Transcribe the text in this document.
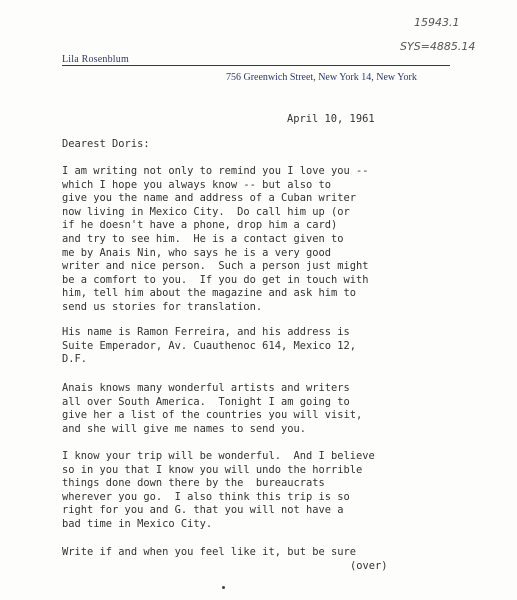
15943.1
SYS=4885.14
Lila Rosenblum
756 Greenwich Street, New York 14, New York
April 10, 1961
Dearest Doris:
I am writing not only to remind you I love you --
which I hope you always know -- but also to
give you the name and address of a Cuban writer
now living in Mexico City.  Do call him up (or
if he doesn't have a phone, drop him a card)
and try to see him.  He is a contact given to
me by Anais Nin, who says he is a very good
writer and nice person.  Such a person just might
be a comfort to you.  If you do get in touch with
him, tell him about the magazine and ask him to
send us stories for translation.
His name is Ramon Ferreira, and his address is
Suite Emperador, Av. Cuauthenoc 614, Mexico 12,
D.F.
Anais knows many wonderful artists and writers
all over South America.  Tonight I am going to
give her a list of the countries you will visit,
and she will give me names to send you.
I know your trip will be wonderful.  And I believe
so in you that I know you will undo the horrible
things done down there by the  bureaucrats
wherever you go.  I also think this trip is so
right for you and G. that you will not have a
bad time in Mexico City.
Write if and when you feel like it, but be sure
(over)
